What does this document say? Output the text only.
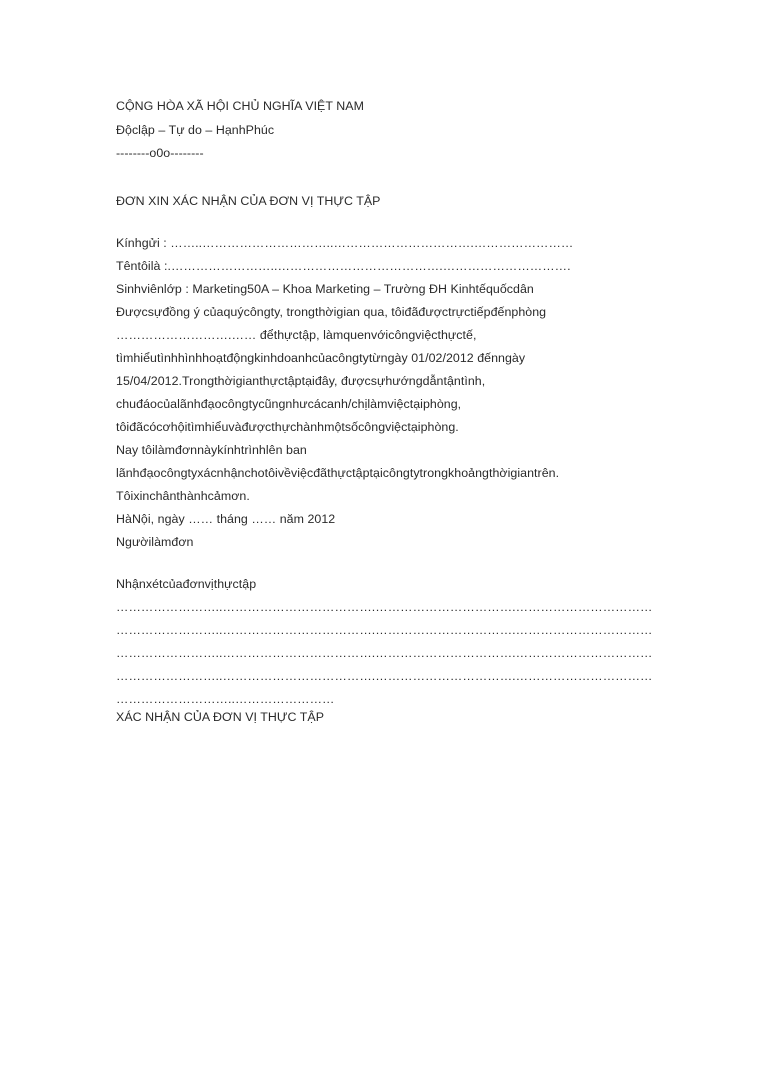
CỘNG HÒA XÃ HỘI CHỦ NGHĨA VIỆT NAM
Độclập – Tự do – HạnhPhúc
--------o0o--------
ĐƠN XIN XÁC NHẬN CỦA ĐƠN VỊ THỰC TẬP
Kínhgửi : ……..…………………………..…………………………….……………………
Têntôilà :.……………………..………………………………….………………………….
Sinhviênlớp : Marketing50A – Khoa Marketing – Trường ĐH Kinhtếquốcdân
Đượcsựđồng ý củaquýcôngty, trongthờigian qua, tôiđãđượctrựctiếpđếnphòng
……………………….…… đểthựctập, làmquenvớicôngviệcthựctế,
tìmhiểutìnhhìnhhoạtđộngkinhdoanhcủacôngtytừngày 01/02/2012 đếnngày
15/04/2012.Trongthờigianthựctậptạiđây, đượcsựhướngdẫntậntình,
chuđáocủalãnhđạocôngtycũngnhưcácanh/chịlàmviệctạiphòng,
tôiđãcócơhộitìmhiểuvàđượcthựchànhmộtsốcôngviệctạiphòng.
Nay tôilàmđơnnàykínhtrìnhlên ban
lãnhđạocôngtyxácnhậnchotôivềviệcđãthựctậptạicôngtytrongkhoảngthờigiantrên.
Tôixinchânthànhcảmơn.
HàNội, ngày …… tháng …… năm 2012
Ngườilàmđơn
Nhậnxétcủađơnvịthựctập
……………………..……………………………….…………………………….……………………………
……………………..……………………………….…………………………….……………………………
……………………..……………………………….…………………………….……………………………
……………………..……………………………….…………………………….……………………………
………………………..……………………
XÁC NHẬN CỦA ĐƠN VỊ THỰC TẬP
